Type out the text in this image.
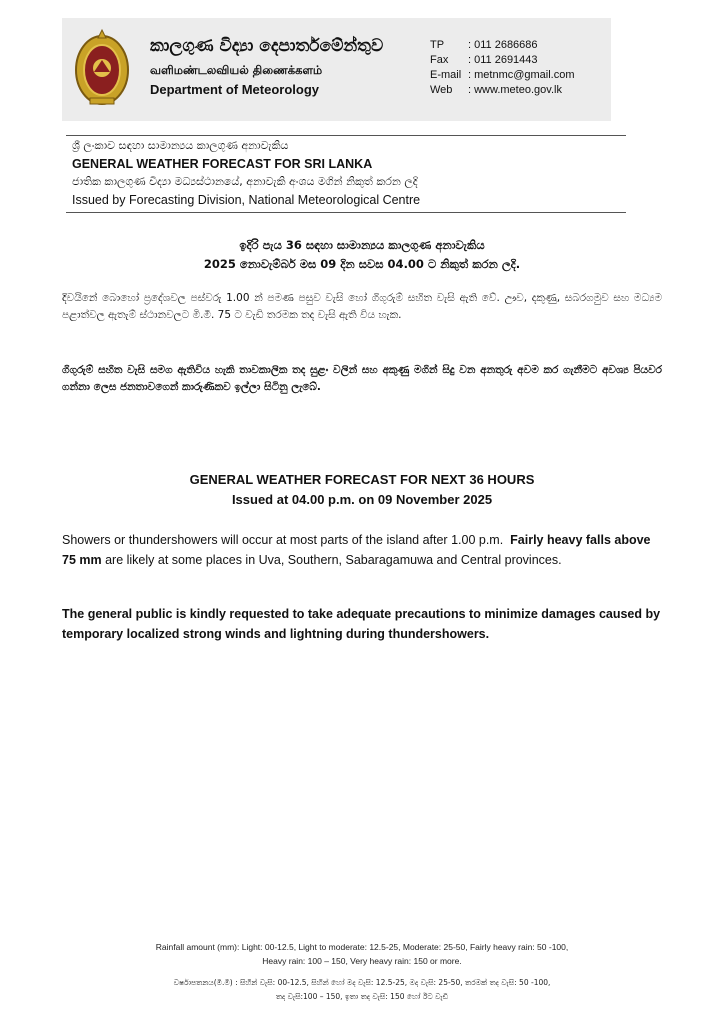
කාලගුණ විද්‍යා දෙපාර්තමේන්තුව
வளிமண்டலவியல் திணைக்களம்
Department of Meteorology
TP	: 011 2686686
Fax	: 011 2691443
E-mail : metnmc@gmail.com
Web	: www.meteo.gov.lk
ශ්‍රී ලංකාව සඳහා සාමාන්‍යය කාලගුණ අනාවැකිය
GENERAL WEATHER FORECAST FOR SRI LANKA
ජාතික කාලගුණ විද්‍යා මධ්‍යස්ථානයේ, අනාවැකි අංශය මගින් නිකුත් කරන ලදි
Issued by Forecasting Division, National Meteorological Centre
ඉදිරි පැය 36 සඳහා සාමාන්‍යය කාලගුණ අනාවැකිය
2025 නොවැම්බර් මස 09 දින සවස 04.00 ට නිකුත් කරන ලදි.
දිවයිනේ බොහෝ ප්‍රදේශවල පස්වරු 1.00 න් පමණ පසුව වැසි හෝ ගිගුරුම් සහිත වැසි ඇති වේ. ඌව, දකුණු, සබරගමුව සහ මධ්‍යම පළාත්වල ඇතැම් ස්ථානවලට මි.මී. 75 ට වැඩි තරමක තද වැසි ඇති විය හැක.
ගිගුරුම් සහිත වැසි සමග ඇතිවිය හැකි තාවකාලික තද සුළං වලින් සහ අකුණු මගින් සිදු වන අනතුරු අවම කර ගැනීමට අවශ්‍ය පියවර ගන්නා ලෙස ජනතාවගෙන් කාරුණිකව ඉල්ලා සිටිනු ලැබේ.
GENERAL WEATHER FORECAST FOR NEXT 36 HOURS
Issued at 04.00 p.m. on 09 November 2025
Showers or thundershowers will occur at most parts of the island after 1.00 p.m. Fairly heavy falls above 75 mm are likely at some places in Uva, Southern, Sabaragamuwa and Central provinces.
The general public is kindly requested to take adequate precautions to minimize damages caused by temporary localized strong winds and lightning during thundershowers.
Rainfall amount (mm): Light: 00-12.5, Light to moderate: 12.5-25, Moderate: 25-50, Fairly heavy rain: 50 -100,
Heavy rain: 100 – 150, Very heavy rain: 150 or more.
වර්ෂාපතනය(මි.මී) : සිහින් වැසි: 00-12.5, සිහින් හෝ මද වැසි: 12.5-25, මද වැසි: 25-50, තරමක් තද වැසි: 50 -100,
තද වැසි:100 – 150, ඉතා තද වැසි: 150 හෝ ඊට වැඩි
